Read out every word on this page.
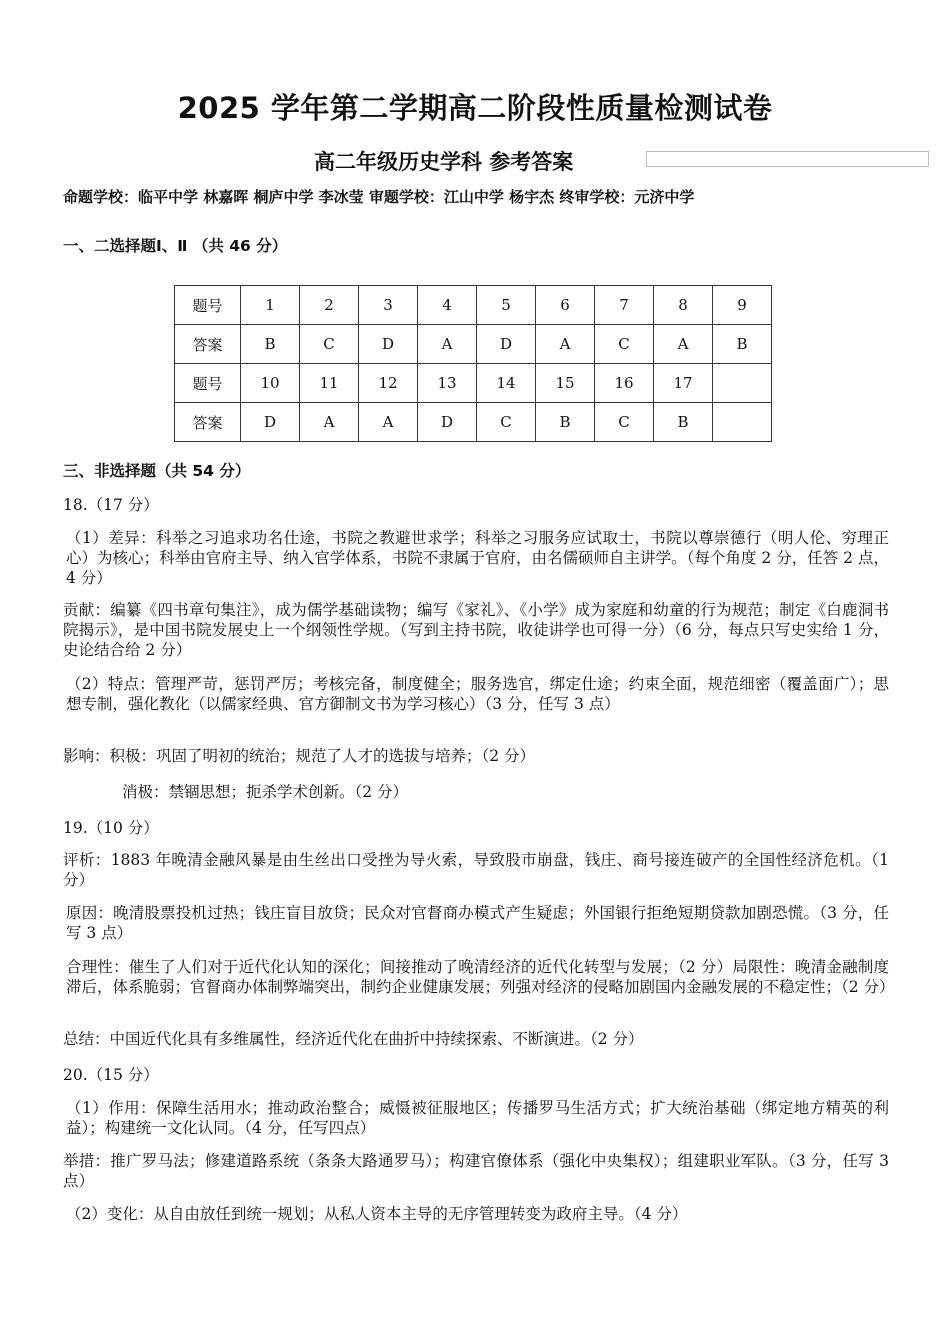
2025 学年第二学期高二阶段性质量检测试卷
高二年级历史学科 参考答案
命题学校：临平中学 林嘉晖 桐庐中学 李冰莹 审题学校：江山中学 杨宇杰 终审学校：元济中学
一、二选择题Ⅰ、Ⅱ （共 46 分）
题号	1	2	3	4	5	6	7	8	9
答案	B	C	D	A	D	A	C	A	B
题号	10	11	12	13	14	15	16	17	
答案	D	A	A	D	C	B	C	B	
三、非选择题（共 54 分）
18.（17 分）
（1）差异：科举之习追求功名仕途，书院之教避世求学；科举之习服务应试取士，书院以尊崇德行（明人伦、穷理正心）为核心；科举由官府主导、纳入官学体系，书院不隶属于官府，由名儒硕师自主讲学。（每个角度 2 分，任答 2 点，4 分）
贡献：编纂《四书章句集注》，成为儒学基础读物；编写《家礼》、《小学》成为家庭和幼童的行为规范；制定《白鹿洞书院揭示》，是中国书院发展史上一个纲领性学规。（写到主持书院，收徒讲学也可得一分）（6 分，每点只写史实给 1 分，史论结合给 2 分）
（2）特点：管理严苛，惩罚严厉；考核完备，制度健全；服务选官，绑定仕途；约束全面，规范细密（覆盖面广）；思想专制，强化教化（以儒家经典、官方御制文书为学习核心）（3 分，任写 3 点）
影响：积极：巩固了明初的统治；规范了人才的选拔与培养；（2 分）
消极：禁锢思想；扼杀学术创新。（2 分）
19.（10 分）
评析：1883 年晚清金融风暴是由生丝出口受挫为导火索，导致股市崩盘，钱庄、商号接连破产的全国性经济危机。（1 分）
原因：晚清股票投机过热；钱庄盲目放贷；民众对官督商办模式产生疑虑；外国银行拒绝短期贷款加剧恐慌。（3 分，任写 3 点）
合理性：催生了人们对于近代化认知的深化；间接推动了晚清经济的近代化转型与发展；（2 分）局限性：晚清金融制度滞后，体系脆弱；官督商办体制弊端突出，制约企业健康发展；列强对经济的侵略加剧国内金融发展的不稳定性；（2 分）
总结：中国近代化具有多维属性，经济近代化在曲折中持续探索、不断演进。（2 分）
20.（15 分）
（1）作用：保障生活用水；推动政治整合；威慑被征服地区；传播罗马生活方式；扩大统治基础（绑定地方精英的利益）；构建统一文化认同。（4 分，任写四点）
举措：推广罗马法；修建道路系统（条条大路通罗马）；构建官僚体系（强化中央集权）；组建职业军队。（3 分，任写 3 点）
（2）变化：从自由放任到统一规划；从私人资本主导的无序管理转变为政府主导。（4 分）
